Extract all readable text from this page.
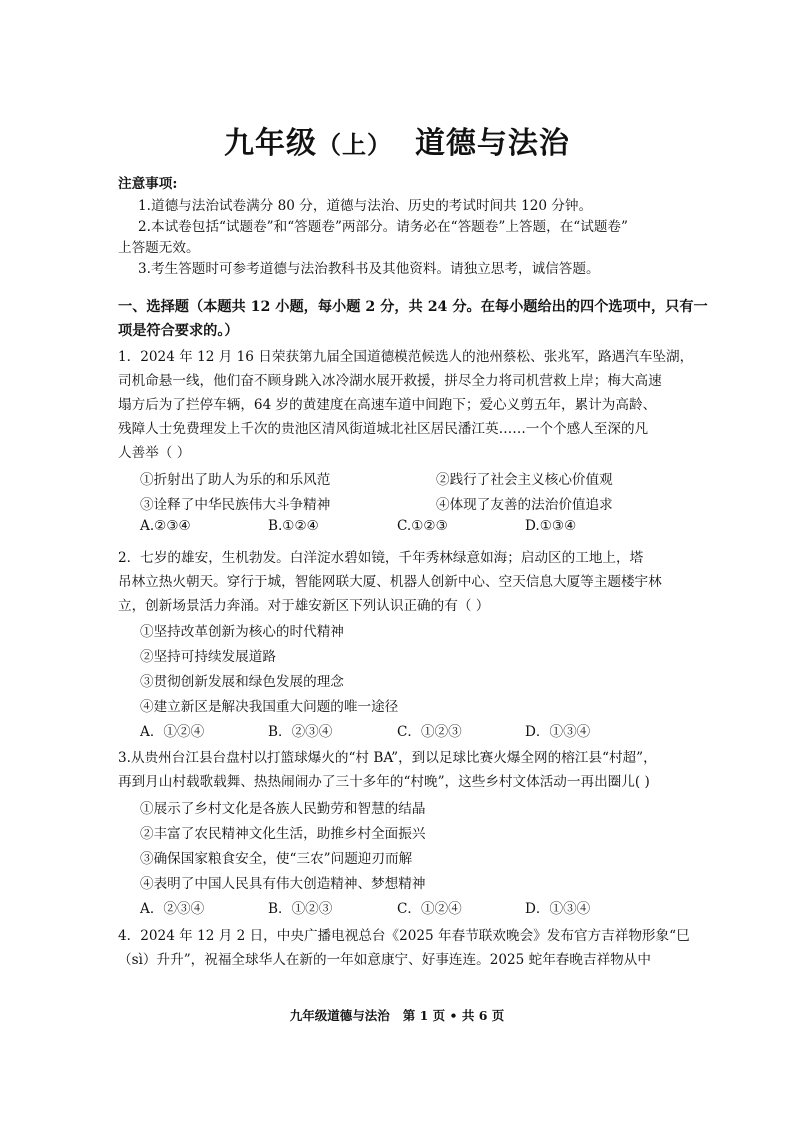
九年级（上） 道德与法治
注意事项:
1.道德与法治试卷满分 80 分，道德与法治、历史的考试时间共 120 分钟。
2.本试卷包括“试题卷”和“答题卷”两部分。请务必在“答题卷”上答题，在“试题卷”
上答题无效。
3.考生答题时可参考道德与法治教科书及其他资料。请独立思考，诚信答题。
一、选择题（本题共 12 小题，每小题 2 分，共 24 分。在每小题给出的四个选项中，只有一
项是符合要求的。）
1．2024 年 12 月 16 日荣获第九届全国道德模范候选人的池州蔡松、张兆军，路遇汽车坠湖，
司机命悬一线，他们奋不顾身跳入冰冷湖水展开救援，拼尽全力将司机营救上岸；梅大高速
塌方后为了拦停车辆，64 岁的黄建度在高速车道中间跑下；爱心义剪五年，累计为高龄、
残障人士免费理发上千次的贵池区清风街道城北社区居民潘江英……一个个感人至深的凡
人善举（ ）
①折射出了助人为乐的和乐风范	②践行了社会主义核心价值观
③诠释了中华民族伟大斗争精神	④体现了友善的法治价值追求
A.②③④	B.①②④	C.①②③	D.①③④
2．七岁的雄安，生机勃发。白洋淀水碧如镜，千年秀林绿意如海；启动区的工地上，塔
吊林立热火朝天。穿行于城，智能网联大厦、机器人创新中心、空天信息大厦等主题楼宇林
立，创新场景活力奔涌。对于雄安新区下列认识正确的有（ ）
①坚持改革创新为核心的时代精神
②坚持可持续发展道路
③贯彻创新发展和绿色发展的理念
④建立新区是解决我国重大问题的唯一途径
A．①②④	B．②③④	C．①②③	D．①③④
3.从贵州台江县台盘村以打篮球爆火的“村 BA”，到以足球比赛火爆全网的榕江县“村超”，
再到月山村载歌载舞、热热闹闹办了三十多年的“村晚”，这些乡村文体活动一再出圈儿( )
①展示了乡村文化是各族人民勤劳和智慧的结晶
②丰富了农民精神文化生活，助推乡村全面振兴
③确保国家粮食安全，使“三农”问题迎刃而解
④表明了中国人民具有伟大创造精神、梦想精神
A．②③④	B．①②③	C．①②④	D．①③④
4．2024 年 12 月 2 日，中央广播电视总台《2025 年春节联欢晚会》发布官方吉祥物形象“巳
（sì）升升”，祝福全球华人在新的一年如意康宁、好事连连。2025 蛇年春晚吉祥物从中
九年级道德与法治 第 1 页 • 共 6 页
